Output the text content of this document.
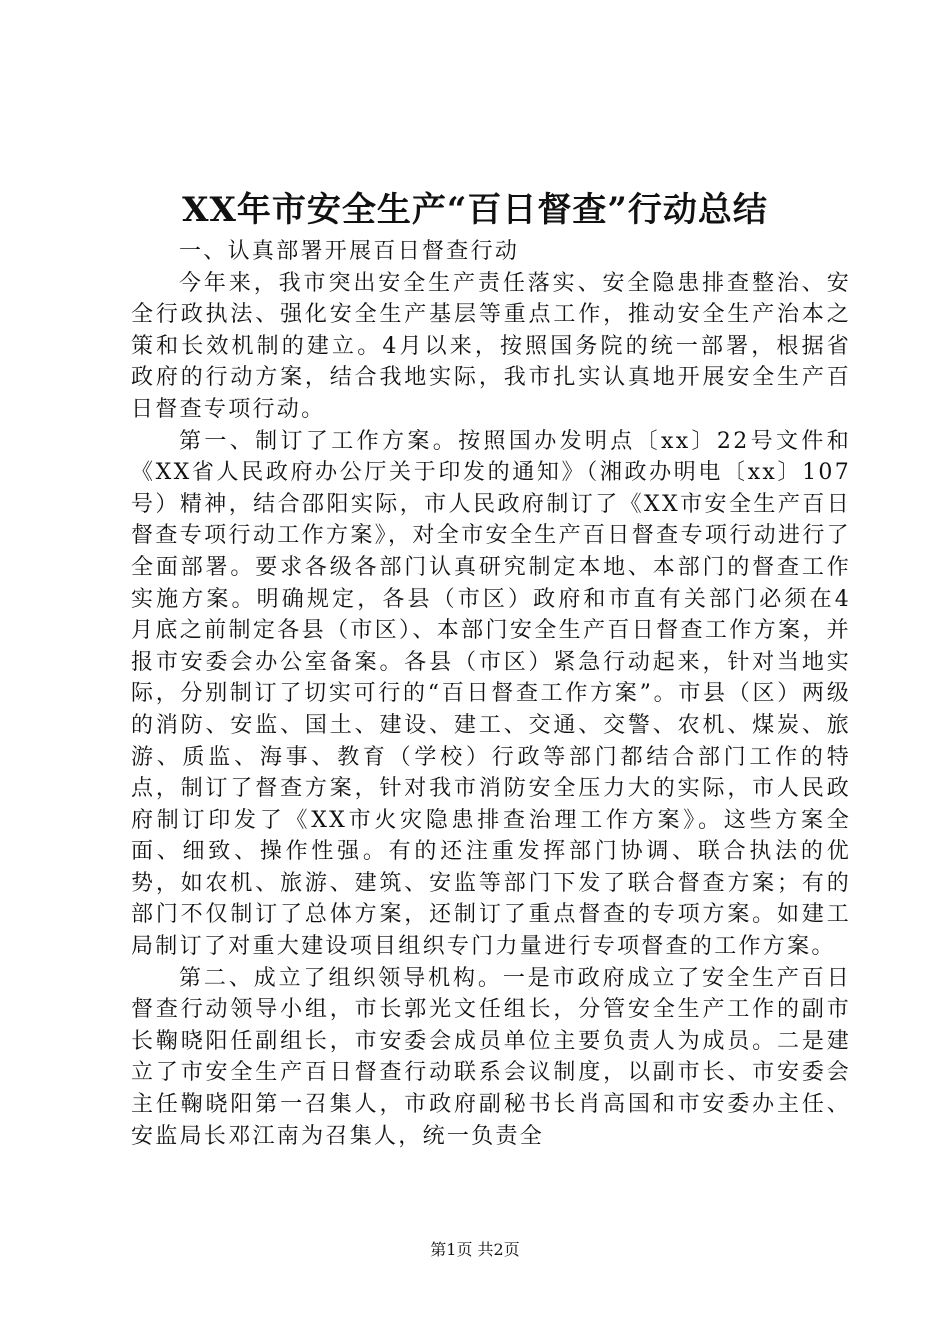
XX年市安全生产“百日督查”行动总结

一、认真部署开展百日督查行动

今年来，我市突出安全生产责任落实、安全隐患排查整治、安全行政执法、强化安全生产基层等重点工作，推动安全生产治本之策和长效机制的建立。4月以来，按照国务院的统一部署，根据省政府的行动方案，结合我地实际，我市扎实认真地开展安全生产百日督查专项行动。

第一、制订了工作方案。按照国办发明点〔xx〕22号文件和《XX省人民政府办公厅关于印发的通知》（湘政办明电〔xx〕107号）精神，结合邵阳实际，市人民政府制订了《XX市安全生产百日督查专项行动工作方案》，对全市安全生产百日督查专项行动进行了全面部署。要求各级各部门认真研究制定本地、本部门的督查工作实施方案。明确规定，各县（市区）政府和市直有关部门必须在4月底之前制定各县（市区）、本部门安全生产百日督查工作方案，并报市安委会办公室备案。各县（市区）紧急行动起来，针对当地实际，分别制订了切实可行的“百日督查工作方案”。市县（区）两级的消防、安监、国土、建设、建工、交通、交警、农机、煤炭、旅游、质监、海事、教育（学校）行政等部门都结合部门工作的特点，制订了督查方案，针对我市消防安全压力大的实际，市人民政府制订印发了《XX市火灾隐患排查治理工作方案》。这些方案全面、细致、操作性强。有的还注重发挥部门协调、联合执法的优势，如农机、旅游、建筑、安监等部门下发了联合督查方案；有的部门不仅制订了总体方案，还制订了重点督查的专项方案。如建工局制订了对重大建设项目组织专门力量进行专项督查的工作方案。

第二、成立了组织领导机构。一是市政府成立了安全生产百日督查行动领导小组，市长郭光文任组长，分管安全生产工作的副市长鞠晓阳任副组长，市安委会成员单位主要负责人为成员。二是建立了市安全生产百日督查行动联系会议制度，以副市长、市安委会主任鞠晓阳第一召集人，市政府副秘书长肖高国和市安委办主任、安监局长邓江南为召集人，统一负责全

第1页 共2页
